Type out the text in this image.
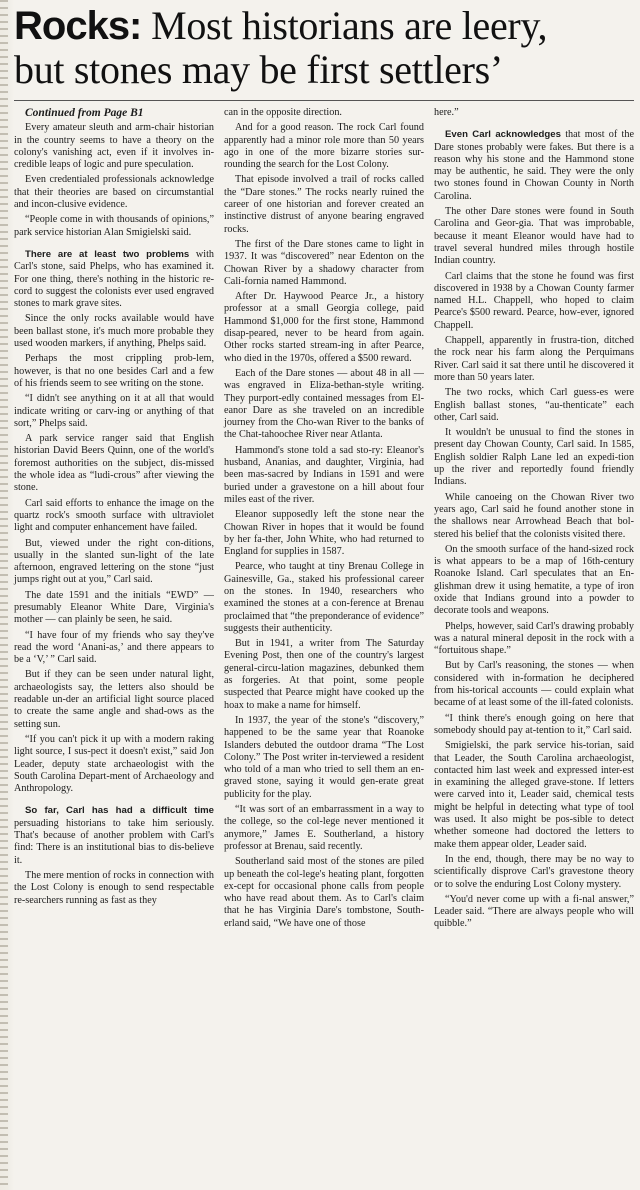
Rocks: Most historians are leery,
but stones may be first settlers’

Continued from Page B1

Every amateur sleuth and arm-chair historian in the country seems to have a theory on the colony's vanishing act, even if it involves in-credible leaps of logic and pure speculation.

Even credentialed professionals acknowledge that their theories are based on circumstantial and incon-clusive evidence.

“People come in with thousands of opinions,” park service historian Alan Smigielski said.

There are at least two problems with Carl's stone, said Phelps, who has examined it. For one thing, there's nothing in the historic re-cord to suggest the colonists ever used engraved stones to mark grave sites.

Since the only rocks available would have been ballast stone, it's much more probable they used wooden markers, if anything, Phelps said.

Perhaps the most crippling prob-lem, however, is that no one besides Carl and a few of his friends seem to see writing on the stone.

“I didn't see anything on it at all that would indicate writing or carv-ing or anything of that sort,” Phelps said.

A park service ranger said that English historian David Beers Quinn, one of the world's foremost authorities on the subject, dis-missed the whole idea as “ludi-crous” after viewing the stone.

Carl said efforts to enhance the image on the quartz rock's smooth surface with ultraviolet light and computer enhancement have failed.

But, viewed under the right con-ditions, usually in the slanted sun-light of the late afternoon, engraved lettering on the stone “just jumps right out at you,” Carl said.

The date 1591 and the initials “EWD” — presumably Eleanor White Dare, Virginia's mother — can plainly be seen, he said.

“I have four of my friends who say they've read the word ‘Anani-as,’ and there appears to be a ‘V,’ ” Carl said.

But if they can be seen under natural light, archaeologists say, the letters also should be readable un-der an artificial light source placed to create the same angle and shad-ows as the setting sun.

“If you can't pick it up with a modern raking light source, I sus-pect it doesn't exist,” said Jon Leader, deputy state archaeologist with the South Carolina Depart-ment of Archaeology and Anthropology.

So far, Carl has had a difficult time persuading historians to take him seriously. That's because of another problem with Carl's find: There is an institutional bias to dis-believe it.

The mere mention of rocks in connection with the Lost Colony is enough to send respectable re-searchers running as fast as they

can in the opposite direction.

And for a good reason. The rock Carl found apparently had a minor role more than 50 years ago in one of the more bizarre stories sur-rounding the search for the Lost Colony.

That episode involved a trail of rocks called the “Dare stones.” The rocks nearly ruined the career of one historian and forever created an instinctive distrust of anyone bearing engraved rocks.

The first of the Dare stones came to light in 1937. It was “discovered” near Edenton on the Chowan River by a shadowy character from Cali-fornia named Hammond.

After Dr. Haywood Pearce Jr., a history professor at a small Georgia college, paid Hammond $1,000 for the first stone, Hammond disap-peared, never to be heard from again. Other rocks started stream-ing in after Pearce, who died in the 1970s, offered a $500 reward.

Each of the Dare stones — about 48 in all — was engraved in Eliza-bethan-style writing. They purport-edly contained messages from El-eanor Dare as she traveled on an incredible journey from the Cho-wan River to the banks of the Chat-tahoochee River near Atlanta.

Hammond's stone told a sad sto-ry: Eleanor's husband, Ananias, and daughter, Virginia, had been mas-sacred by Indians in 1591 and were buried under a gravestone on a hill about four miles east of the river.

Eleanor supposedly left the stone near the Chowan River in hopes that it would be found by her fa-ther, John White, who had returned to England for supplies in 1587.

Pearce, who taught at tiny Brenau College in Gainesville, Ga., staked his professional career on the stones. In 1940, researchers who examined the stones at a con-ference at Brenau proclaimed that “the preponderance of evidence” suggests their authenticity.

But in 1941, a writer from The Saturday Evening Post, then one of the country's largest general-circu-lation magazines, debunked them as forgeries. At that point, some people suspected that Pearce might have cooked up the hoax to make a name for himself.

In 1937, the year of the stone's “discovery,” happened to be the same year that Roanoke Islanders debuted the outdoor drama “The Lost Colony.” The Post writer in-terviewed a resident who told of a man who tried to sell them an en-graved stone, saying it would gen-erate great publicity for the play.

“It was sort of an embarrassment in a way to the college, so the col-lege never mentioned it anymore,” James E. Southerland, a history professor at Brenau, said recently.

Southerland said most of the stones are piled up beneath the col-lege's heating plant, forgotten ex-cept for occasional phone calls from people who have read about them. As to Carl's claim that he has Virginia Dare's tombstone, South-erland said, “We have one of those

here.”

Even Carl acknowledges that most of the Dare stones probably were fakes. But there is a reason why his stone and the Hammond stone may be authentic, he said. They were the only two stones found in Chowan County in North Carolina.

The other Dare stones were found in South Carolina and Geor-gia. That was improbable, because it meant Eleanor would have had to travel several hundred miles through hostile Indian country.

Carl claims that the stone he found was first discovered in 1938 by a Chowan County farmer named H.L. Chappell, who hoped to claim Pearce's $500 reward. Pearce, how-ever, ignored Chappell.

Chappell, apparently in frustra-tion, ditched the rock near his farm along the Perquimans River. Carl said it sat there until he discovered it more than 50 years later.

The two rocks, which Carl guess-es were English ballast stones, “au-thenticate” each other, Carl said.

It wouldn't be unusual to find the stones in present day Chowan County, Carl said. In 1585, English soldier Ralph Lane led an expedi-tion up the river and reportedly found friendly Indians.

While canoeing on the Chowan River two years ago, Carl said he found another stone in the shallows near Arrowhead Beach that bol-stered his belief that the colonists visited there.

On the smooth surface of the hand-sized rock is what appears to be a map of 16th-century Roanoke Island. Carl speculates that an En-glishman drew it using hematite, a type of iron oxide that Indians ground into a powder to decorate tools and weapons.

Phelps, however, said Carl's drawing probably was a natural mineral deposit in the rock with a “fortuitous shape.”

But by Carl's reasoning, the stones — when considered with in-formation he deciphered from his-torical accounts — could explain what became of at least some of the ill-fated colonists.

“I think there's enough going on here that somebody should pay at-tention to it,” Carl said.

Smigielski, the park service his-torian, said that Leader, the South Carolina archaeologist, contacted him last week and expressed inter-est in examining the alleged grave-stone. If letters were carved into it, Leader said, chemical tests might be helpful in detecting what type of tool was used. It also might be pos-sible to detect whether someone had doctored the letters to make them appear older, Leader said.

In the end, though, there may be no way to scientifically disprove Carl's gravestone theory or to solve the enduring Lost Colony mystery.

“You'd never come up with a fi-nal answer,” Leader said. “There are always people who will quibble.”
